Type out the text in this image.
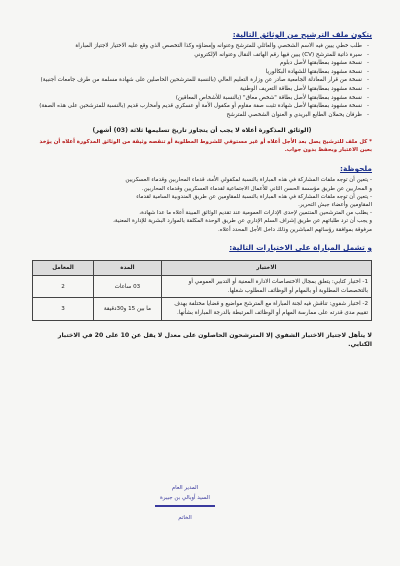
يتكون ملف الترشيح من الوثائق التالية:
- طلب خطي يبين فيه الاسم الشخصي والعائلي للمترشح وعنوانه وإمضاؤه وكذا التخصص الذي وقع عليه الاختيار لاجتياز المباراة
- سيرة ذاتية للمترشح (CV) يبين فيها رقم الهاتف النقال وعنوانه الإلكتروني
- نسخة مشهود بمطابقتها لأصل دبلوم
- نسخة مشهود بمطابقتها للشهادة البكالوريا
- نسخة من قرار المعادلة الجامعية صادر عن وزارة التعليم العالي (بالنسبة للمترشحين الحاصلين على شهادة مسلمة من طرف جامعات أجنبية)
- نسخة مشهود بمطابقتها لأصل بطاقة التعريف الوطنية
- نسخة مشهود بمطابقتها لأصل بطاقة "شخص معاق" (بالنسبة للأشخاص المعاقين)
- نسخة مشهود بمطابقتها لأصل شهادة تثبت صفة مقاوم أو مكفول الأمة أو عسكري قديم وأمحارب قديم (بالنسبة للمترشحين على هذه الصفة)
- ظرفان يحملان الطابع البريدي و العنوان الشخصي للمترشح
(الوثائق المذكورة أعلاه لا يجب أن يتجاوز تاريخ تسليمها ثلاثة (03) أشهر)
* كل ملف للترشيح يصل بعد الأجل أعلاه أو غير مستوفي للشروط المطلوبة أو تنقصه وثيقة من الوثائق المذكورة أعلاه أن يؤخذ بعين الاعتبار وبحفظ بدون جواب.
ملحوظة:

- يتعين أن توجه ملفات المشاركة في هذه المباراة بالنسبة لمكفولي الأمة، قدماء المحاربين وقدماء العسكريين

و المحاربين عن طريق مؤسسة الحسن الثاني للأعمال الاجتماعية لقدماء العسكريين وقدماء المحاربين.

- يتعين أن توجه ملفات المشاركة في هذه المباراة بالنسبة للمقاومين عن طريق المندوبية السامية لقدماء

المقاومين وأعضاء جيش التحرير.

- يطلب من المترشحين المنتمين لإحدى الإدارات العمومية عند تقديم الوثائق المبينة أعلاه ما عدا شهادة،

و يجب أن ترد طلباتهم عن طريق إشراف السلم الإداري عن طريق الوحدة المكلفة بالموارد البشرية للإدارة المعنية،

مرفوقة بموافقة رؤسائهم المباشرين وذلك داخل الأجل المحدد أعلاه.

و تشمل المباراة على الاختبارات التالية:
الاختبار	المدة	المعامل
1- اختبار كتابي: يتعلق بمجال الاختصاصات الادارة المعنية أو التدبير العمومي أو بالتخصصات المطلوبة أو بالمهام أو الوظائف المطلوب شغلها.	03 ساعات	2
2- اختبار شفوي: تناقش فيه لجنة المباراة مع المترشح مواضيع و قضايا مختلفة بهدف تقييم مدى قدرته على ممارسة المهام أو الوظائف المرتبطة بالدرجة المباراة بشأنها.	ما بين 15 و30دقيقة	3
لا يتأهل لاجتياز الاختبار الشفوي إلا المترشحون الحاصلون على معدل لا يقل عن 10 على 20 في الاختبار الكتابي.
المدير العام
السيد أوبالي بن جبيرة
الخاتم
